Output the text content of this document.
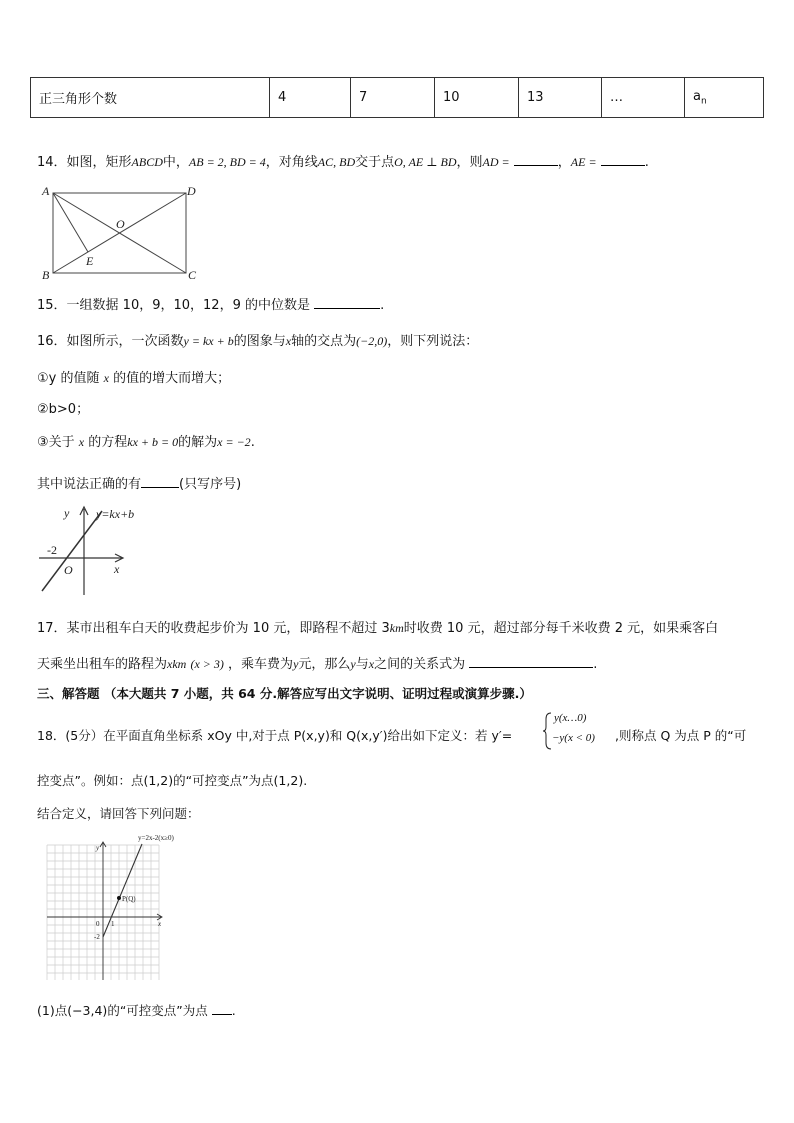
正三角形个数	4	7	10	13	…	$a_n$
14．如图，矩形ABCD中，AB = 2, BD = 4，对角线AC, BD交于点O, AE ⊥ BD，则AD =	，AE =	.
A
B	C
D
O
E
15．一组数据 10，9，10，12，9 的中位数是	.
16．如图所示，一次函数y = kx + b的图象与x轴的交点为(−2,0)，则下列说法：
①y 的值随 x 的值的增大而增大；
②b>0；
③关于 x 的方程kx + b = 0的解为x = −2.
其中说法正确的有	(只写序号)
y y=kx+b
-2
O	x
17．某市出租车白天的收费起步价为 10 元，即路程不超过 3km时收费 10 元，超过部分每千米收费 2 元，如果乘客白
天乘坐出租车的路程为xkm (x > 3) ，乘车费为y元，那么y与x之间的关系式为	.
三、解答题 （本大题共 7 小题，共 64 分.解答应写出文字说明、证明过程或演算步骤.）
18．(5分）在平面直角坐标系 xOy 中,对于点 P(x,y)和 Q(x,y′)给出如下定义：若 y′=
y(x…0)
−y(x < 0) ,则称点 Q 为点 P 的“可
控变点”。例如：点(1,2)的“可控变点”为点(1,2).
结合定义，请回答下列问题：
y=2x-2(x≥0)
y
x
0 1
-2
P(Q)
(1)点(−3,4)的“可控变点”为点 .
